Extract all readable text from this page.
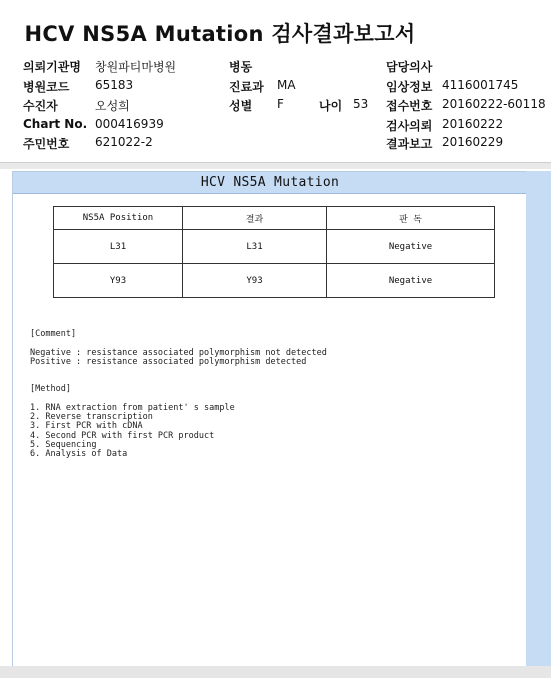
HCV NS5A Mutation 검사결과보고서
의뢰기관명 창원파티마병원
병원코드 65183
수진자	오성희
Chart No. 000416939
주민번호 621022-2
병동
진료과 MA
성별 F	나이 53
담당의사
임상정보 4116001745
접수번호 20160222-60118
검사의뢰 20160222
결과보고 20160229
HCV NS5A Mutation
NS5A Position	결과	판 독
L31	L31	Negative
Y93	Y93	Negative
[Comment]
Negative : resistance associated polymorphism not detected
Positive : resistance associated polymorphism detected
[Method]
1. RNA extraction from patient' s sample
2. Reverse transcription
3. First PCR with cDNA
4. Second PCR with first PCR product
5. Sequencing
6. Analysis of Data
